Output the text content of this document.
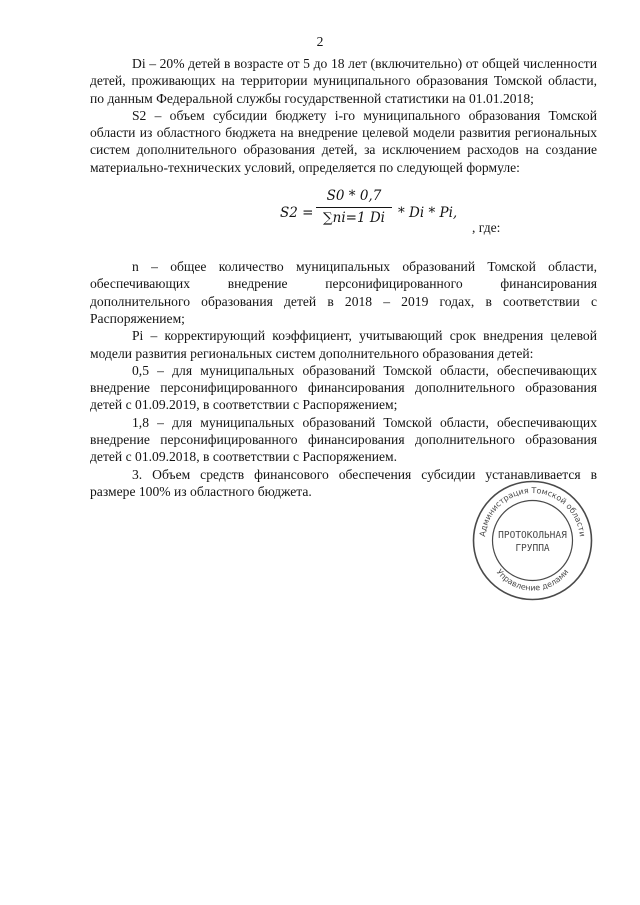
2

Di – 20% детей в возрасте от 5 до 18 лет (включительно) от общей численности детей, проживающих на территории муниципального образования Томской области, по данным Федеральной службы государственной статистики на 01.01.2018;

S2 – объем субсидии бюджету i-го муниципального образования Томской области из областного бюджета на внедрение целевой модели развития региональных систем дополнительного образования детей, за исключением расходов на создание материально-технических условий, определяется по следующей формуле:

$S2 = \frac{S0 * 0,7}{\sum ni=1 Di} * Di * Pi$,
, где:

n – общее количество муниципальных образований Томской области, обеспечивающих внедрение персонифицированного финансирования дополнительного образования детей в 2018 – 2019 годах, в соответствии с Распоряжением;

Pi – корректирующий коэффициент, учитывающий срок внедрения целевой модели развития региональных систем дополнительного образования детей:

0,5 – для муниципальных образований Томской области, обеспечивающих внедрение персонифицированного финансирования дополнительного образования детей с 01.09.2019, в соответствии с Распоряжением;

1,8 – для муниципальных образований Томской области, обеспечивающих внедрение персонифицированного финансирования дополнительного образования детей с 01.09.2018, в соответствии с Распоряжением.

3. Объем средств финансового обеспечения субсидии устанавливается в размере 100% из областного бюджета.

Администрация Томской области
Управление делами
ПРОТОКОЛЬНАЯ
ГРУППА
